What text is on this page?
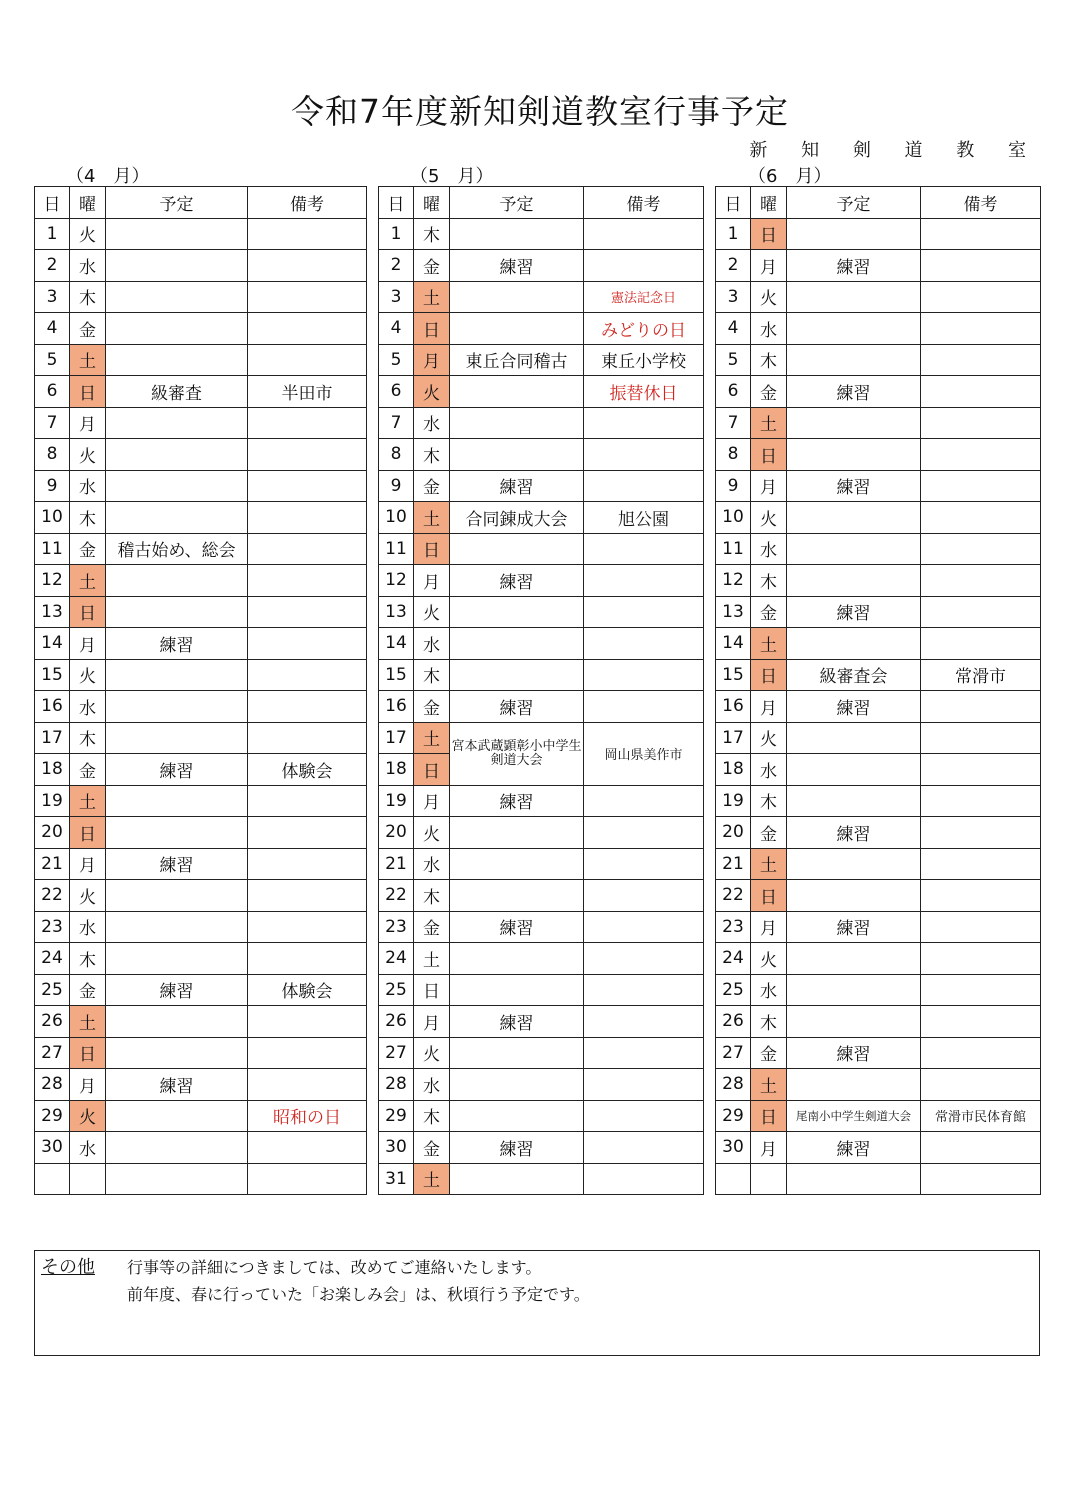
令和7年度新知剣道教室行事予定
新 知 剣 道 教 室
（4　月）	（5　月）	（6　月）
日	曜	予定	備考
1	火		
2	水		
3	木		
4	金		
5	土		
6	日	級審査	半田市
7	月		
8	火		
9	水		
10	木		
11	金	稽古始め、総会	
12	土		
13	日		
14	月	練習	
15	火		
16	水		
17	木		
18	金	練習	体験会
19	土		
20	日		
21	月	練習	
22	火		
23	水		
24	木		
25	金	練習	体験会
26	土		
27	日		
28	月	練習	
29	火		昭和の日
30	水		

日	曜	予定	備考
1	木		
2	金	練習	
3	土		憲法記念日
4	日		みどりの日
5	月	東丘合同稽古	東丘小学校
6	火		振替休日
7	水		
8	木		
9	金	練習	
10	土	合同錬成大会	旭公園
11	日		
12	月	練習	
13	火		
14	水		
15	木		
16	金	練習	
17	土	宮本武蔵顕彰小中学生剣道大会	岡山県美作市
18	日		
19	月	練習	
20	火		
21	水		
22	木		
23	金	練習	
24	土		
25	日		
26	月	練習	
27	火		
28	水		
29	木		
30	金	練習	
31	土		
日	曜	予定	備考
1	日		
2	月	練習	
3	火		
4	水		
5	木		
6	金	練習	
7	土		
8	日		
9	月	練習	
10	火		
11	水		
12	木		
13	金	練習	
14	土		
15	日	級審査会	常滑市
16	月	練習	
17	火		
18	水		
19	木		
20	金	練習	
21	土		
22	日		
23	月	練習	
24	火		
25	水		
26	木		
27	金	練習	
28	土		
29	日	尾南小中学生剣道大会	常滑市民体育館
30	月	練習	

その他 行事等の詳細につきましては、改めてご連絡いたします。
前年度、春に行っていた「お楽しみ会」は、秋頃行う予定です。
